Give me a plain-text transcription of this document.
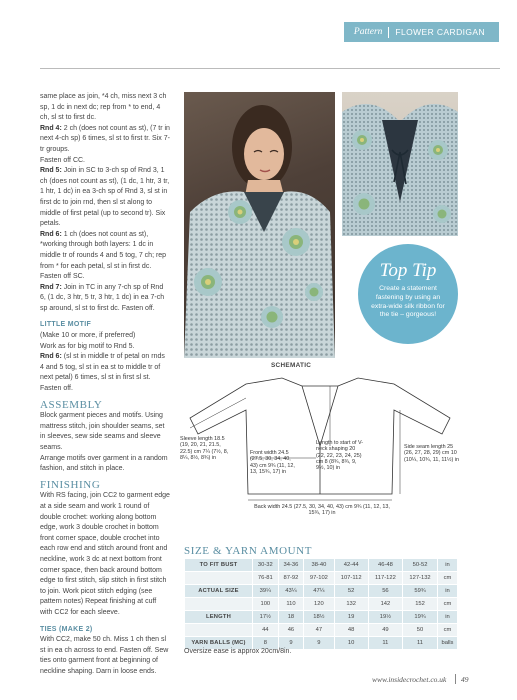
Pattern FLOWER CARDIGAN

same place as join, *4 ch, miss next 3 ch sp, 1 dc in next dc; rep from * to end, 4 ch, sl st to first dc.

Rnd 4: 2 ch (does not count as st), (7 tr in next 4-ch sp) 6 times, sl st to first tr. Six 7-tr groups.

Fasten off CC.

Rnd 5: Join in SC to 3-ch sp of Rnd 3, 1 ch (does not count as st), (1 dc, 1 htr, 3 tr, 1 htr, 1 dc) in ea 3-ch sp of Rnd 3, sl st in first dc to join rnd, then sl st along to middle of first petal (up to second tr). Six petals.

Rnd 6: 1 ch (does not count as st), *working through both layers: 1 dc in middle tr of rounds 4 and 5 tog, 7 ch; rep from * for each petal, sl st in first dc.

Fasten off SC.

Rnd 7: Join in TC in any 7-ch sp of Rnd 6, (1 dc, 3 htr, 5 tr, 3 htr, 1 dc) in ea 7-ch sp around, sl st to first dc. Fasten off.

LITTLE MOTIF

(Make 10 or more, if preferred)

Work as for big motif to Rnd 5.

Rnd 6: (sl st in middle tr of petal on rnds 4 and 5 tog, sl st in ea st to middle tr of next petal) 6 times, sl st in first sl st. Fasten off.

ASSEMBLY

Block garment pieces and motifs. Using mattress stitch, join shoulder seams, set in sleeves, sew side seams and sleeve seams.

Arrange motifs over garment in a random fashion, and stitch in place.

FINISHING

With RS facing, join CC2 to garment edge at a side seam and work 1 round of double crochet: working along bottom edge, work 3 double crochet in bottom front corner space, double crochet into each row end and stitch around front and neckline, work 3 dc at next bottom front corner space, then back around bottom edge to first stitch, slip stitch in first stitch to join. Work picot stitch edging (see pattern notes) Repeat finishing at cuff with CC2 for each sleeve.

TIES (MAKE 2)

With CC2, make 50 ch. Miss 1 ch then sl st in ea ch across to end. Fasten off. Sew ties onto garment front at beginning of neckline shaping. Darn in loose ends.

Top Tip
Create a statement fastening by using an extra-wide silk ribbon for the tie – gorgeous!
SCHEMATIC
Sleeve length 18.5 (19, 20, 21, 21.5, 22.5) cm 7¼ (7½, 8, 8¼, 8½, 8¾) in
Front width 24.5 (27.5, 30, 34, 40, 43) cm 9¾ (11, 12, 13, 15¾, 17) in
Length to start of V-neck shaping 20 (22, 22, 23, 24, 25) cm 8 (8¾, 8¾, 9, 9½, 10) in
Side seam length 25 (26, 27, 28, 29) cm 10 (10¼, 10¾, 11, 11½) in
Back width 24.5 (27.5, 30, 34, 40, 43) cm 9¾ (11, 12, 13, 15¾, 17) in
SIZE & YARN AMOUNT
TO FIT BUST	30-32	34-36	38-40	42-44	46-48	50-52	in
	76-81	87-92	97-102	107-112	117-122	127-132	cm
ACTUAL SIZE	39¼	43¼	47¼	52	56	59¾	in
	100	110	120	132	142	152	cm
LENGTH	17½	18	18½	19	19½	19¾	in
	44	46	47	48	49	50	cm
YARN BALLS (MC)	8	9	9	10	11	11	balls
Oversize ease is approx 20cm/8in.
www.insidecrochet.co.uk 49
